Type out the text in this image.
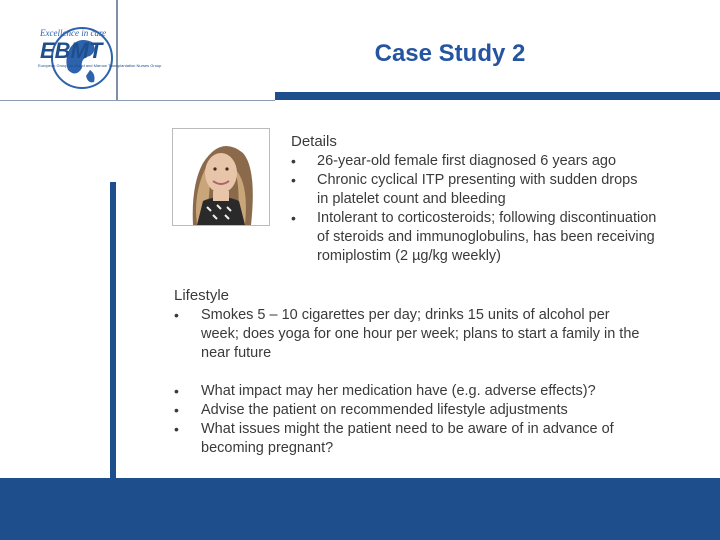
Excellence in care
EBMT
European Group for Blood and Marrow Transplantation Nurses Group	Case Study 2
Details
• 26-year-old female first diagnosed 6 years ago
• Chronic cyclical ITP presenting with sudden drops
in platelet count and bleeding
• Intolerant to corticosteroids; following discontinuation
of steroids and immunoglobulins, has been receiving
romiplostim (2 µg/kg weekly)
Lifestyle
• Smokes 5 – 10 cigarettes per day; drinks 15 units of alcohol per
week; does yoga for one hour per week; plans to start a family in the
near future
• What impact may her medication have (e.g. adverse effects)?
• Advise the patient on recommended lifestyle adjustments
• What issues might the patient need to be aware of in advance of
becoming pregnant?
